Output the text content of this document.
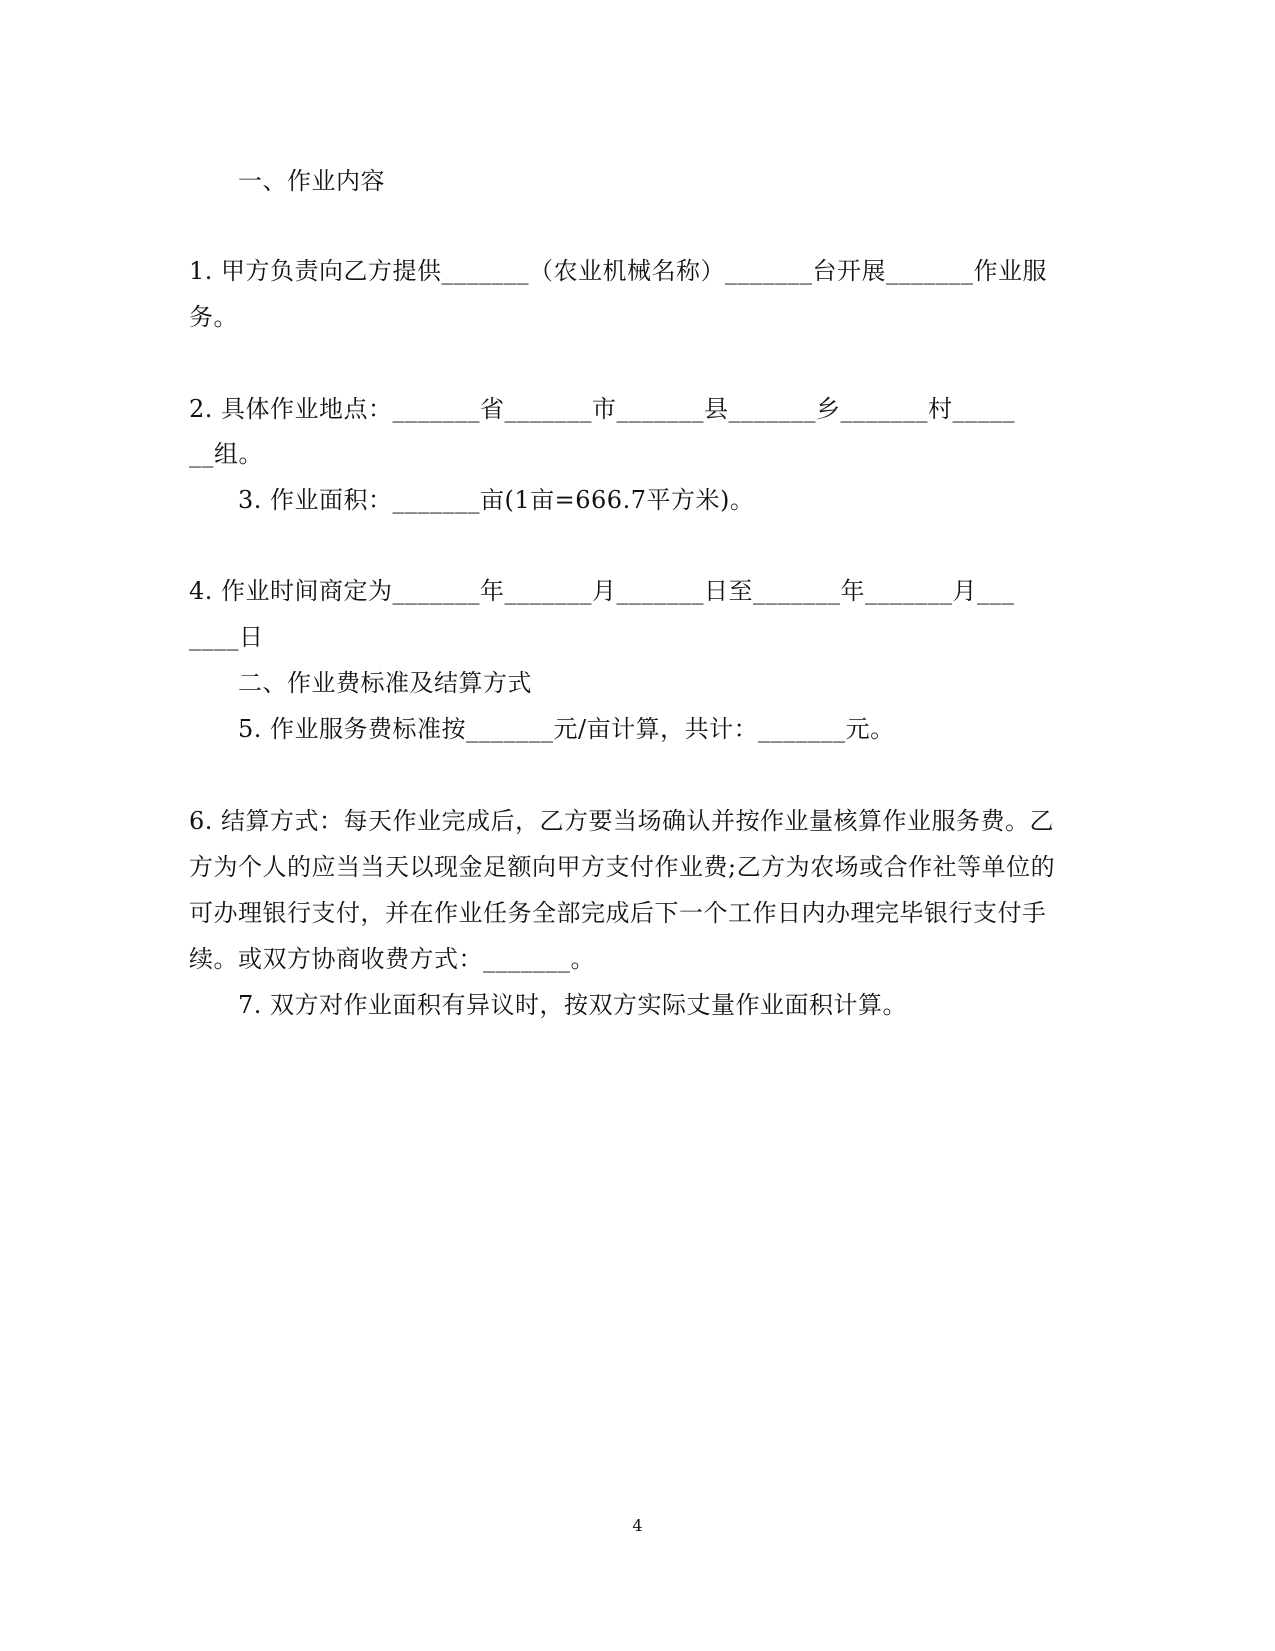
一、作业内容
1. 甲方负责向乙方提供_______（农业机械名称）_______台开展_______作业服
务。
2. 具体作业地点：_______省_______市_______县_______乡_______村_____
__组。
3. 作业面积：_______亩(1亩=666.7平方米)。
4. 作业时间商定为_______年_______月_______日至_______年_______月___
____日
二、作业费标准及结算方式
5. 作业服务费标准按_______元/亩计算，共计：_______元。
6. 结算方式：每天作业完成后，乙方要当场确认并按作业量核算作业服务费。乙
方为个人的应当当天以现金足额向甲方支付作业费;乙方为农场或合作社等单位的
可办理银行支付，并在作业任务全部完成后下一个工作日内办理完毕银行支付手
续。或双方协商收费方式：_______。
7. 双方对作业面积有异议时，按双方实际丈量作业面积计算。
4
